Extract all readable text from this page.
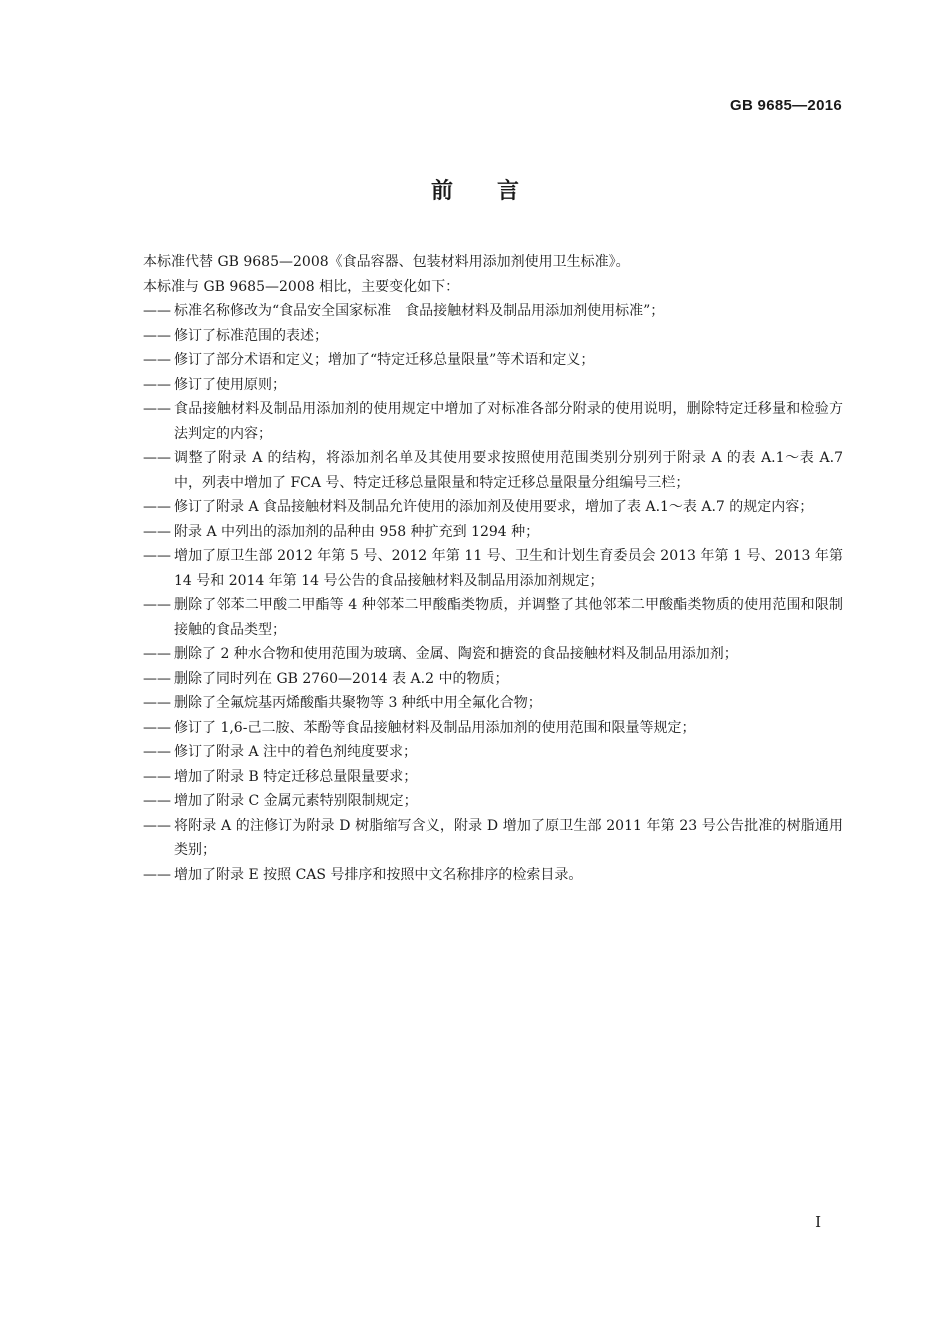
GB 9685—2016
前言

本标准代替 GB 9685—2008《食品容器、包装材料用添加剂使用卫生标准》。

本标准与 GB 9685—2008 相比，主要变化如下：

—— 标准名称修改为“食品安全国家标准　食品接触材料及制品用添加剂使用标准”；
—— 修订了标准范围的表述；
—— 修订了部分术语和定义；增加了“特定迁移总量限量”等术语和定义；
—— 修订了使用原则；
—— 食品接触材料及制品用添加剂的使用规定中增加了对标准各部分附录的使用说明，删除特定迁移量和检验方法判定的内容；
—— 调整了附录 A 的结构，将添加剂名单及其使用要求按照使用范围类别分别列于附录 A 的表 A.1～表 A.7 中，列表中增加了 FCA 号、特定迁移总量限量和特定迁移总量限量分组编号三栏；
—— 修订了附录 A 食品接触材料及制品允许使用的添加剂及使用要求，增加了表 A.1～表 A.7 的规定内容；
—— 附录 A 中列出的添加剂的品种由 958 种扩充到 1294 种；
—— 增加了原卫生部 2012 年第 5 号、2012 年第 11 号、卫生和计划生育委员会 2013 年第 1 号、2013 年第 14 号和 2014 年第 14 号公告的食品接触材料及制品用添加剂规定；
—— 删除了邻苯二甲酸二甲酯等 4 种邻苯二甲酸酯类物质，并调整了其他邻苯二甲酸酯类物质的使用范围和限制接触的食品类型；
—— 删除了 2 种水合物和使用范围为玻璃、金属、陶瓷和搪瓷的食品接触材料及制品用添加剂；
—— 删除了同时列在 GB 2760—2014 表 A.2 中的物质；
—— 删除了全氟烷基丙烯酸酯共聚物等 3 种纸中用全氟化合物；
—— 修订了 1,6-己二胺、苯酚等食品接触材料及制品用添加剂的使用范围和限量等规定；
—— 修订了附录 A 注中的着色剂纯度要求；
—— 增加了附录 B 特定迁移总量限量要求；
—— 增加了附录 C 金属元素特别限制规定；
—— 将附录 A 的注修订为附录 D 树脂缩写含义，附录 D 增加了原卫生部 2011 年第 23 号公告批准的树脂通用类别；
—— 增加了附录 E 按照 CAS 号排序和按照中文名称排序的检索目录。
I
